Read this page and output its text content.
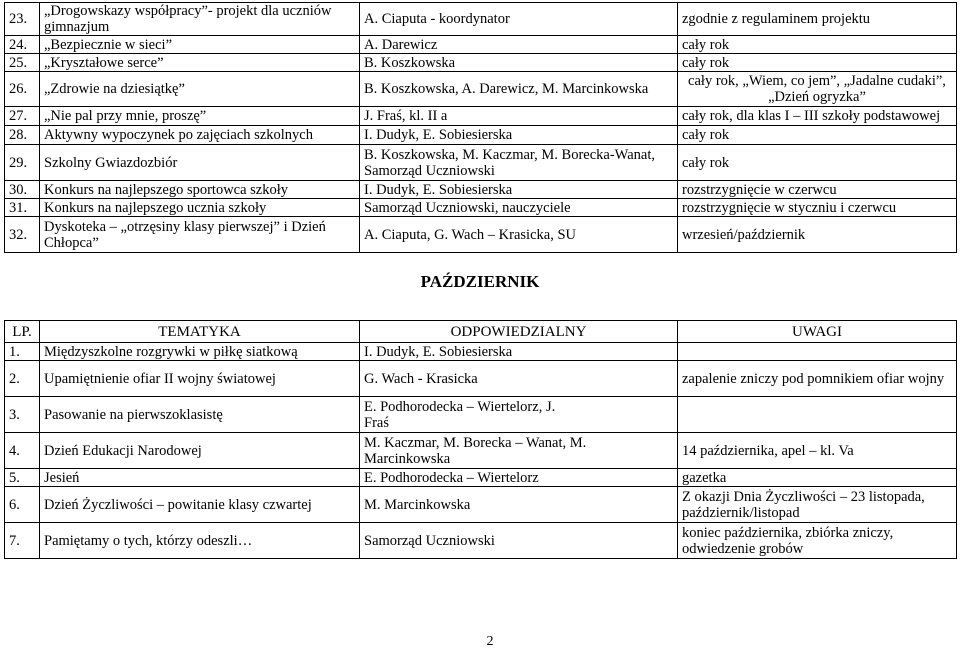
23.	„Drogowskazy współpracy”- projekt dla uczniów gimnazjum	A. Ciaputa - koordynator	zgodnie z regulaminem projektu
24.	„Bezpiecznie w sieci”	A. Darewicz	cały rok
25.	„Kryształowe serce”	B. Koszkowska	cały rok
26.	„Zdrowie na dziesiątkę”	B. Koszkowska, A. Darewicz, M. Marcinkowska	cały rok, „Wiem, co jem”, „Jadalne cudaki”, „Dzień ogryzka”
27.	„Nie pal przy mnie, proszę”	J. Fraś, kl. II a	cały rok, dla klas I – III szkoły podstawowej
28.	Aktywny wypoczynek po zajęciach szkolnych	I. Dudyk, E. Sobiesierska	cały rok
29.	Szkolny Gwiazdozbiór	B. Koszkowska, M. Kaczmar, M. Borecka-Wanat, Samorząd Uczniowski	cały rok
30.	Konkurs na najlepszego sportowca szkoły	I. Dudyk, E. Sobiesierska	rozstrzygnięcie w czerwcu
31.	Konkurs na najlepszego ucznia szkoły	Samorząd Uczniowski, nauczyciele	rozstrzygnięcie w styczniu i czerwcu
32.	Dyskoteka – „otrzęsiny klasy pierwszej” i Dzień Chłopca”	A. Ciaputa, G. Wach – Krasicka, SU	wrzesień/październik
PAŹDZIERNIK
LP.	TEMATYKA	ODPOWIEDZIALNY	UWAGI
1.	Międzyszkolne rozgrywki w piłkę siatkową	I. Dudyk, E. Sobiesierska	
2.	Upamiętnienie ofiar II wojny światowej	G. Wach - Krasicka	zapalenie zniczy pod pomnikiem ofiar wojny
3.	Pasowanie na pierwszoklasistę	E. Podhorodecka – Wiertelorz, J. Fraś	
4.	Dzień Edukacji Narodowej	M. Kaczmar, M. Borecka – Wanat, M. Marcinkowska	14 października, apel – kl. Va
5.	Jesień	E. Podhorodecka – Wiertelorz	gazetka
6.	Dzień Życzliwości – powitanie klasy czwartej	M. Marcinkowska	Z okazji Dnia Życzliwości – 23 listopada, październik/listopad
7.	Pamiętamy o tych, którzy odeszli…	Samorząd Uczniowski	koniec października, zbiórka zniczy, odwiedzenie grobów
2
